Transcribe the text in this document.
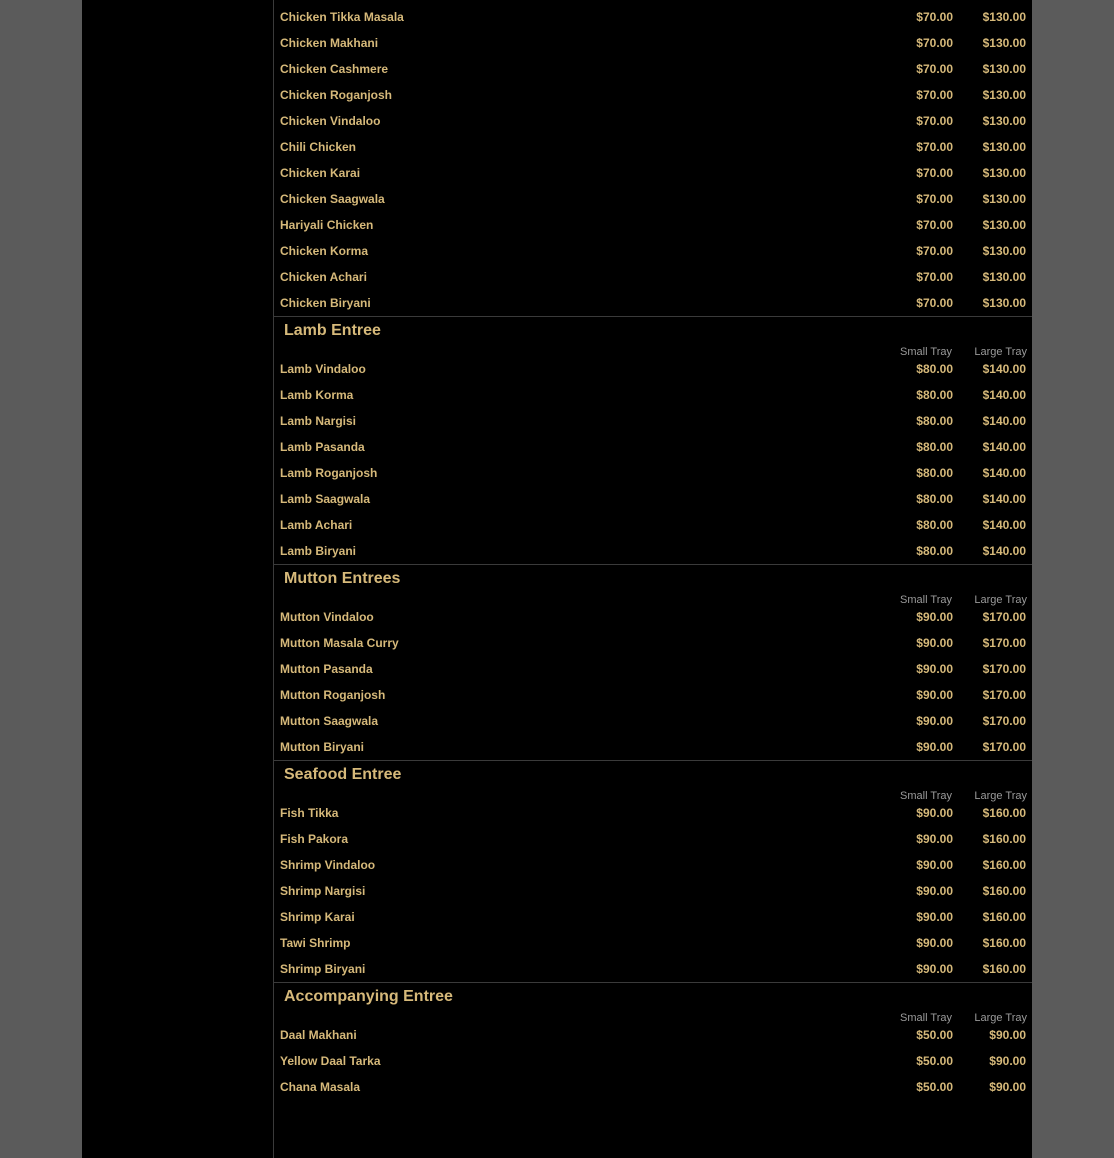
Chicken Tikka Masala	$70.00 $130.00
Chicken Makhani	$70.00 $130.00
Chicken Cashmere	$70.00 $130.00
Chicken Roganjosh	$70.00 $130.00
Chicken Vindaloo	$70.00 $130.00
Chili Chicken	$70.00 $130.00
Chicken Karai	$70.00 $130.00
Chicken Saagwala	$70.00 $130.00
Hariyali Chicken	$70.00 $130.00
Chicken Korma	$70.00 $130.00
Chicken Achari	$70.00 $130.00
Chicken Biryani	$70.00 $130.00
Lamb Entree
Small Tray Large Tray
Lamb Vindaloo	$80.00 $140.00
Lamb Korma	$80.00 $140.00
Lamb Nargisi	$80.00 $140.00
Lamb Pasanda	$80.00 $140.00
Lamb Roganjosh	$80.00 $140.00
Lamb Saagwala	$80.00 $140.00
Lamb Achari	$80.00 $140.00
Lamb Biryani	$80.00 $140.00
Mutton Entrees
Small Tray Large Tray
Mutton Vindaloo	$90.00 $170.00
Mutton Masala Curry	$90.00 $170.00
Mutton Pasanda	$90.00 $170.00
Mutton Roganjosh	$90.00 $170.00
Mutton Saagwala	$90.00 $170.00
Mutton Biryani	$90.00 $170.00
Seafood Entree
Small Tray Large Tray
Fish Tikka	$90.00 $160.00
Fish Pakora	$90.00 $160.00
Shrimp Vindaloo	$90.00 $160.00
Shrimp Nargisi	$90.00 $160.00
Shrimp Karai	$90.00 $160.00
Tawi Shrimp	$90.00 $160.00
Shrimp Biryani	$90.00 $160.00
Accompanying Entree
Small Tray Large Tray
Daal Makhani	$50.00	$90.00
Yellow Daal Tarka	$50.00	$90.00
Chana Masala	$50.00	$90.00
